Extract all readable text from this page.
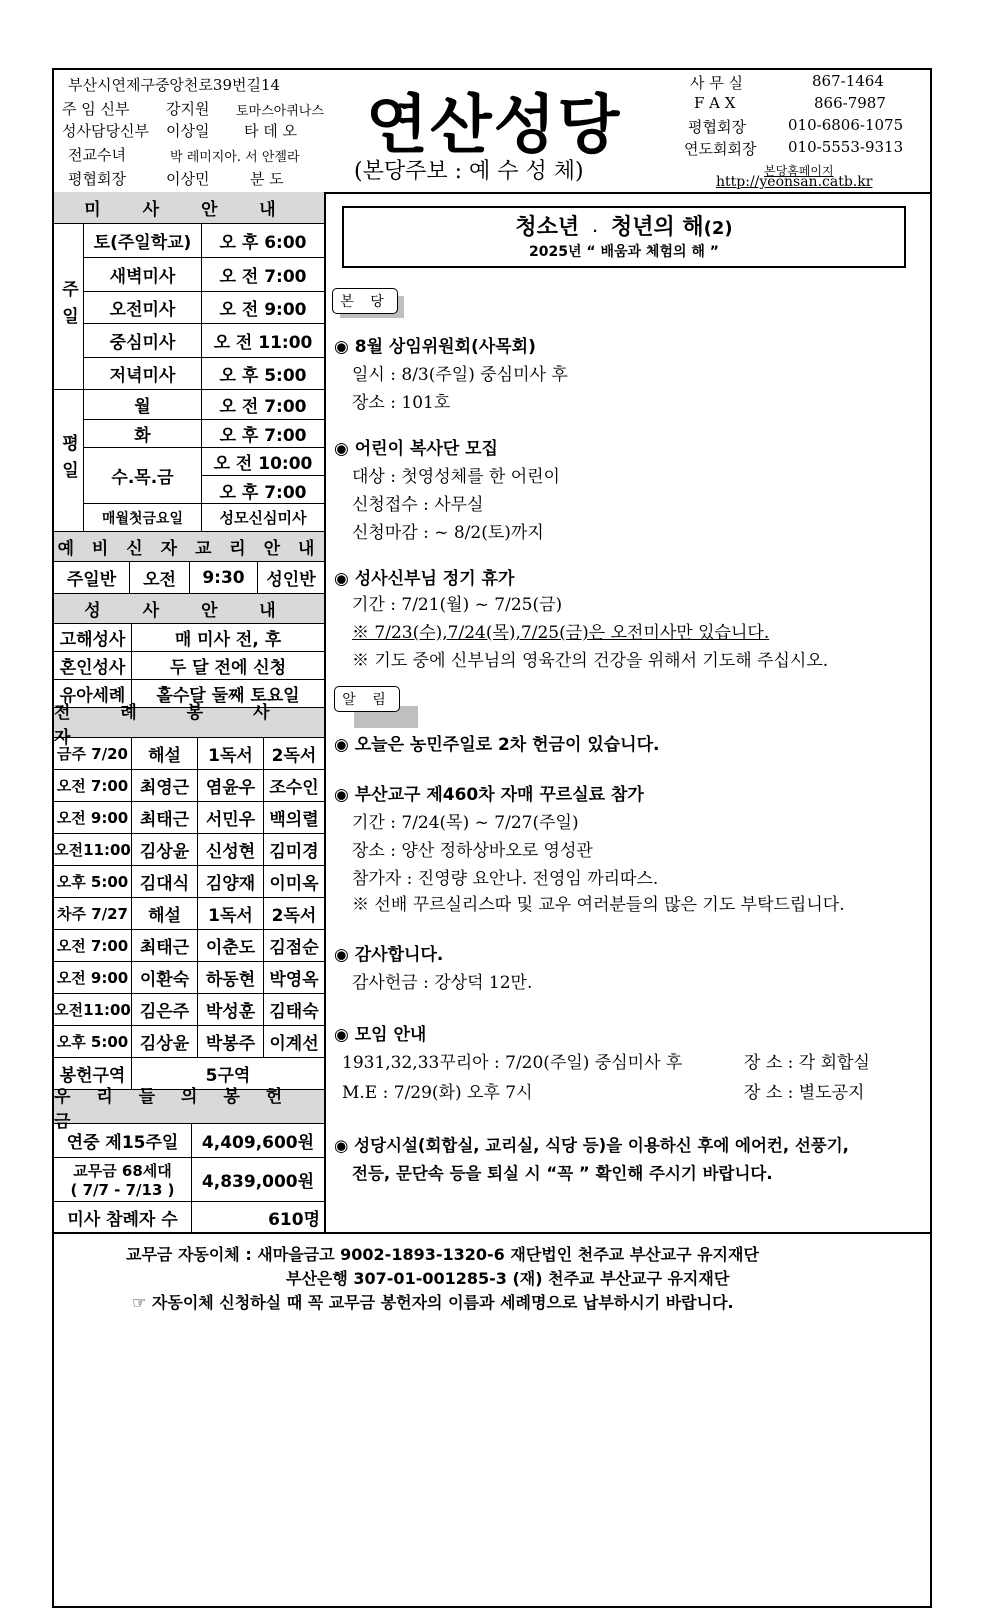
부산시연제구중앙천로39번길14
주 임 신부 강지원 토마스아퀴나스
성사담당신부 이상일 타 데 오
전교수녀	박 레미지아. 서 안젤라
평협회장	이상민	분 도
연산성당
(본당주보 : 예 수 성 체)
사 무 실	867-1464
F A X	866-7987
평협회장	010-6806-1075
연도회회장 010-5553-9313
본당홈페이지
http://yeonsan.catb.kr
미 사 안 내
주일
평일
월	오 전 7:00
화	오 후 7:00
수.목.금
오 전 10:00
오 후 7:00
매월첫금요일	성모신심미사
예 비 신 자 교 리 안 내
주일반	오전	9:30	성인반
성 사 안 내
고해성사	매 미사 전, 후
혼인성사	두 달 전에 신청
유아세례	홀수달 둘째 토요일
전 례 봉 사 자
봉헌구역	5구역
우 리 들 의 봉 헌 금
연중 제15주일	4,409,600원
교무금 68세대
( 7/7 - 7/13 )	4,839,000원
미사 참례자 수	610명
토(주일학교)	오 후 6:00
새벽미사	오 전 7:00
오전미사	오 전 9:00
중심미사	오 전 11:00
저녁미사	오 후 5:00
금주 7/20	해설	1독서	2독서
오전 7:00 최영근 염윤우 조수인
오전 9:00 최태근 서민우 백의렬
오전11:00 김상윤 신성현 김미경
오후 5:00 김대식 김양재 이미옥
차주 7/27	해설	1독서	2독서
오전 7:00 최태근 이춘도 김점순
오전 9:00 이환숙 하동현 박영옥
오전11:00 김은주 박성훈 김태숙
오후 5:00 김상윤 박봉주 이계선
청소년 . 청년의 해(2)
2025년 “ 배움과 체험의 해 ”
본 당
◉ 8월 상임위원회(사목회)
일시 : 8/3(주일) 중심미사 후
장소 : 101호
◉ 어린이 복사단 모집
대상 : 첫영성체를 한 어린이
신청접수 : 사무실
신청마감 : ~ 8/2(토)까지
◉ 성사신부님 정기 휴가
기간 : 7/21(월) ~ 7/25(금)
※ 7/23(수),7/24(목),7/25(금)은 오전미사만 있습니다.
※ 기도 중에 신부님의 영육간의 건강을 위해서 기도해 주십시오.
알 림
◉ 오늘은 농민주일로 2차 헌금이 있습니다.
◉ 부산교구 제460차 자매 꾸르실료 참가
기간 : 7/24(목) ~ 7/27(주일)
장소 : 양산 정하상바오로 영성관
참가자 : 진영량 요안나. 전영임 까리따스.
※ 선배 꾸르실리스따 및 교우 여러분들의 많은 기도 부탁드립니다.
◉ 감사합니다.
감사헌금 : 강상덕 12만.
◉ 모임 안내
1931,32,33꾸리아 : 7/20(주일) 중심미사 후	장 소 : 각 회합실
M.E : 7/29(화) 오후 7시	장 소 : 별도공지
◉ 성당시설(회합실, 교리실, 식당 등)을 이용하신 후에 에어컨, 선풍기,
전등, 문단속 등을 퇴실 시 “꼭 ” 확인해 주시기 바랍니다.
교무금 자동이체 : 새마을금고 9002-1893-1320-6 재단법인 천주교 부산교구 유지재단
부산은행 307-01-001285-3 (재) 천주교 부산교구 유지재단
☞ 자동이체 신청하실 때 꼭 교무금 봉헌자의 이름과 세례명으로 납부하시기 바랍니다.
